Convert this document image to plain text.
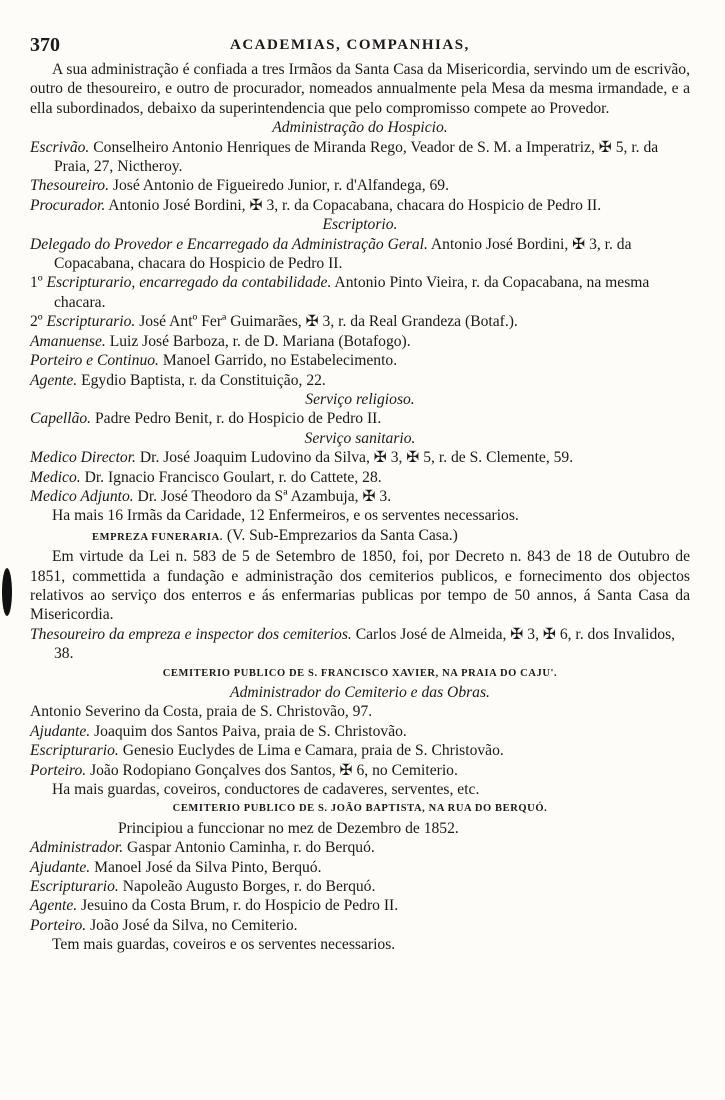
370	ACADEMIAS, COMPANHIAS,

A sua administração é confiada a tres Irmãos da Santa Casa da Misericordia, servindo um de escrivão, outro de thesoureiro, e outro de procurador, nomeados annualmente pela Mesa da mesma irmandade, e a ella subordinados, debaixo da superintendencia que pelo compromisso compete ao Provedor.

Administração do Hospicio.

Escrivão. Conselheiro Antonio Henriques de Miranda Rego, Veador de S. M. a Imperatriz, ✠ 5, r. da Praia, 27, Nictheroy.

Thesoureiro. José Antonio de Figueiredo Junior, r. d'Alfandega, 69.

Procurador. Antonio José Bordini, ✠ 3, r. da Copacabana, chacara do Hospicio de Pedro II.

Escriptorio.

Delegado do Provedor e Encarregado da Administração Geral. Antonio José Bordini, ✠ 3, r. da Copacabana, chacara do Hospicio de Pedro II.

1º Escripturario, encarregado da contabilidade. Antonio Pinto Vieira, r. da Copacabana, na mesma chacara.

2º Escripturario. José Antº Ferª Guimarães, ✠ 3, r. da Real Grandeza (Botaf.).

Amanuense. Luiz José Barboza, r. de D. Mariana (Botafogo).

Porteiro e Continuo. Manoel Garrido, no Estabelecimento.

Agente. Egydio Baptista, r. da Constituição, 22.

Serviço religioso.

Capellão. Padre Pedro Benit, r. do Hospicio de Pedro II.

Serviço sanitario.

Medico Director. Dr. José Joaquim Ludovino da Silva, ✠ 3, ✠ 5, r. de S. Clemente, 59.

Medico. Dr. Ignacio Francisco Goulart, r. do Cattete, 28.

Medico Adjunto. Dr. José Theodoro da Sª Azambuja, ✠ 3.

Ha mais 16 Irmãs da Caridade, 12 Enfermeiros, e os serventes necessarios.

EMPREZA FUNERARIA. (V. Sub-Emprezarios da Santa Casa.)

Em virtude da Lei n. 583 de 5 de Setembro de 1850, foi, por Decreto n. 843 de 18 de Outubro de 1851, commettida a fundação e administração dos cemiterios publicos, e fornecimento dos objectos relativos ao serviço dos enterros e ás enfermarias publicas por tempo de 50 annos, á Santa Casa da Misericordia.

Thesoureiro da empreza e inspector dos cemiterios. Carlos José de Almeida, ✠ 3, ✠ 6, r. dos Invalidos, 38.

CEMITERIO PUBLICO DE S. FRANCISCO XAVIER, NA PRAIA DO CAJU'.

Administrador do Cemiterio e das Obras.

Antonio Severino da Costa, praia de S. Christovão, 97.

Ajudante. Joaquim dos Santos Paiva, praia de S. Christovão.

Escripturario. Genesio Euclydes de Lima e Camara, praia de S. Christovão.

Porteiro. João Rodopiano Gonçalves dos Santos, ✠ 6, no Cemiterio.

Ha mais guardas, coveiros, conductores de cadaveres, serventes, etc.

CEMITERIO PUBLICO DE S. JOÃO BAPTISTA, NA RUA DO BERQUÓ.

Principiou a funccionar no mez de Dezembro de 1852.

Administrador. Gaspar Antonio Caminha, r. do Berquó.

Ajudante. Manoel José da Silva Pinto, Berquó.

Escripturario. Napoleão Augusto Borges, r. do Berquó.

Agente. Jesuino da Costa Brum, r. do Hospicio de Pedro II.

Porteiro. João José da Silva, no Cemiterio.

Tem mais guardas, coveiros e os serventes necessarios.
